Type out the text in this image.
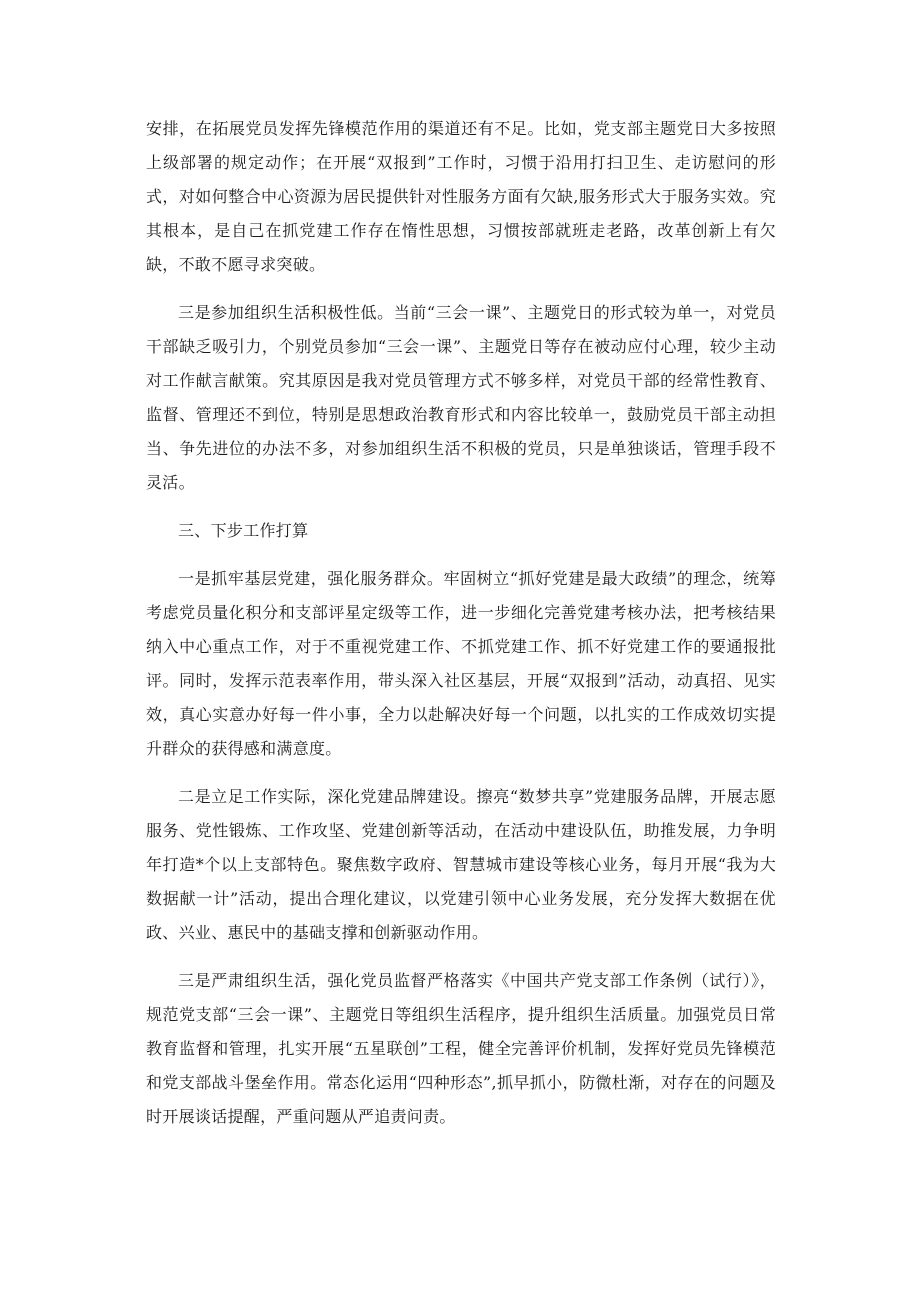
安排，在拓展党员发挥先锋模范作用的渠道还有不足。比如，党支部主题党日大多按照上级部署的规定动作；在开展“双报到”工作时，习惯于沿用打扫卫生、走访慰问的形式，对如何整合中心资源为居民提供针对性服务方面有欠缺,服务形式大于服务实效。究其根本，是自己在抓党建工作存在惰性思想，习惯按部就班走老路，改革创新上有欠缺，不敢不愿寻求突破。

三是参加组织生活积极性低。当前“三会一课”、主题党日的形式较为单一，对党员干部缺乏吸引力，个别党员参加“三会一课”、主题党日等存在被动应付心理，较少主动对工作献言献策。究其原因是我对党员管理方式不够多样，对党员干部的经常性教育、监督、管理还不到位，特别是思想政治教育形式和内容比较单一，鼓励党员干部主动担当、争先进位的办法不多，对参加组织生活不积极的党员，只是单独谈话，管理手段不灵活。

三、下步工作打算

一是抓牢基层党建，强化服务群众。牢固树立“抓好党建是最大政绩”的理念，统筹考虑党员量化积分和支部评星定级等工作，进一步细化完善党建考核办法，把考核结果纳入中心重点工作，对于不重视党建工作、不抓党建工作、抓不好党建工作的要通报批评。同时，发挥示范表率作用，带头深入社区基层，开展“双报到”活动，动真招、见实效，真心实意办好每一件小事，全力以赴解决好每一个问题，以扎实的工作成效切实提升群众的获得感和满意度。

二是立足工作实际，深化党建品牌建设。擦亮“数梦共享”党建服务品牌，开展志愿服务、党性锻炼、工作攻坚、党建创新等活动，在活动中建设队伍，助推发展，力争明年打造*个以上支部特色。聚焦数字政府、智慧城市建设等核心业务，每月开展“我为大数据献一计”活动，提出合理化建议，以党建引领中心业务发展，充分发挥大数据在优政、兴业、惠民中的基础支撑和创新驱动作用。

三是严肃组织生活，强化党员监督严格落实《中国共产党支部工作条例（试行）》，规范党支部“三会一课”、主题党日等组织生活程序，提升组织生活质量。加强党员日常教育监督和管理，扎实开展“五星联创”工程，健全完善评价机制，发挥好党员先锋模范和党支部战斗堡垒作用。常态化运用“四种形态”,抓早抓小，防微杜渐，对存在的问题及时开展谈话提醒，严重问题从严追责问责。
